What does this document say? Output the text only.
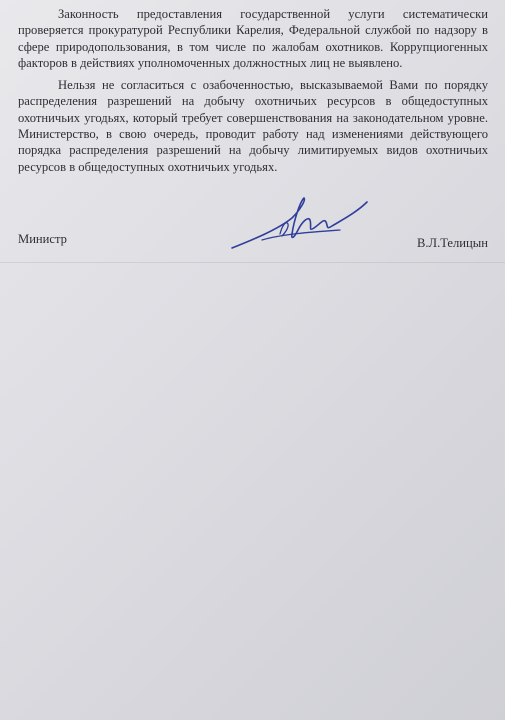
Законность предоставления государственной услуги систематически проверяется прокуратурой Республики Карелия, Федеральной службой по надзору в сфере природопользования, в том числе по жалобам охотников. Коррупциогенных факторов в действиях уполномоченных должностных лиц не выявлено.

Нельзя не согласиться с озабоченностью, высказываемой Вами по порядку распределения разрешений на добычу охотничьих ресурсов в общедоступных охотничьих угодьях, который требует совершенствования на законодательном уровне. Министерство, в свою очередь, проводит работу над изменениями действующего порядка распределения разрешений на добычу лимитируемых видов охотничьих ресурсов в общедоступных охотничьих угодьях.

Министр	В.Л.Телицын
